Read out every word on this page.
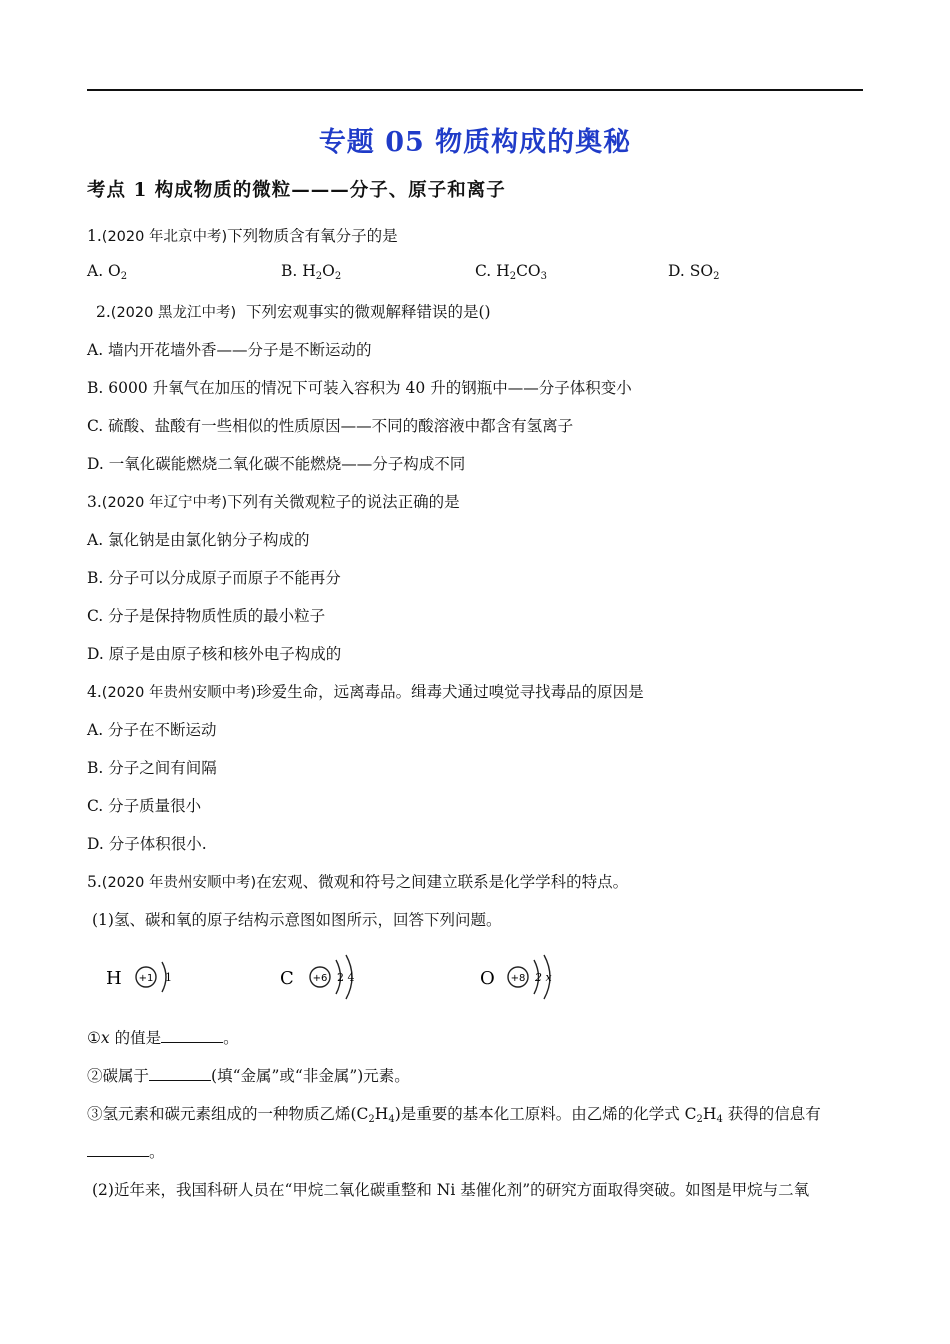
专题 05 物质构成的奥秘
考点 1 构成物质的微粒———分子、原子和离子
1.(2020 年北京中考)下列物质含有氧分子的是
A. $O_2$	B. $H_2O_2$	C. $H_2CO_3$	D. $SO_2$
2.(2020 黑龙江中考) 下列宏观事实的微观解释错误的是()
A. 墙内开花墙外香——分子是不断运动的
B. 6000 升氧气在加压的情况下可装入容积为 40 升的钢瓶中——分子体积变小
C. 硫酸、盐酸有一些相似的性质原因——不同的酸溶液中都含有氢离子
D. 一氧化碳能燃烧二氧化碳不能燃烧——分子构成不同
3.(2020 年辽宁中考)下列有关微观粒子的说法正确的是
A. 氯化钠是由氯化钠分子构成的
B. 分子可以分成原子而原子不能再分
C. 分子是保持物质性质的最小粒子
D. 原子是由原子核和核外电子构成的
4.(2020 年贵州安顺中考)珍爱生命，远离毒品。缉毒犬通过嗅觉寻找毒品的原因是
A. 分子在不断运动
B. 分子之间有间隔
C. 分子质量很小
D. 分子体积很小.
5.(2020 年贵州安顺中考)在宏观、微观和符号之间建立联系是化学学科的特点。
(1)氢、碳和氧的原子结构示意图如图所示，回答下列问题。
H +1 1	C +6 2 4	O +8 2 x
①x 的值是	。
②碳属于	(填“金属”或“非金属”)元素。
③氢元素和碳元素组成的一种物质乙烯$(C_2H_4)$是重要的基本化工原料。由乙烯的化学式 $C_2H_4$ 获得的信息有
。
(2)近年来，我国科研人员在“甲烷二氧化碳重整和 Ni 基催化剂”的研究方面取得突破。如图是甲烷与二氧
